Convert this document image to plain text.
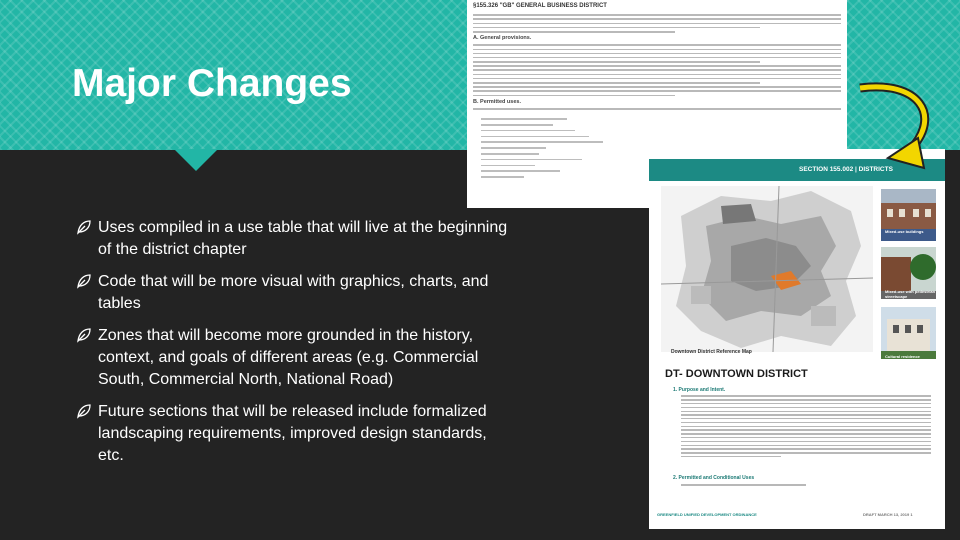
Major Changes
§155.326 "GB" GENERAL BUSINESS DISTRICT
A. General provisions.
B. Permitted uses.
SECTION 155.002 | DISTRICTS
Downtown District Reference Map
Mixed-use buildings
Mixed-use with pedestrian streetscape
Cultural residence
DT- DOWNTOWN DISTRICT
1. Purpose and Intent.
2. Permitted and Conditional Uses
GREENFIELD UNIFIED DEVELOPMENT ORDINANCE	DRAFT MARCH 13, 2019 1
Uses compiled in a use table that will live at the beginning of the district chapter
Code that will be more visual with graphics, charts, and tables
Zones that will become more grounded in the history, context, and goals of different areas (e.g. Commercial South, Commercial North, National Road)
Future sections that will be released include formalized landscaping requirements, improved design standards, etc.
